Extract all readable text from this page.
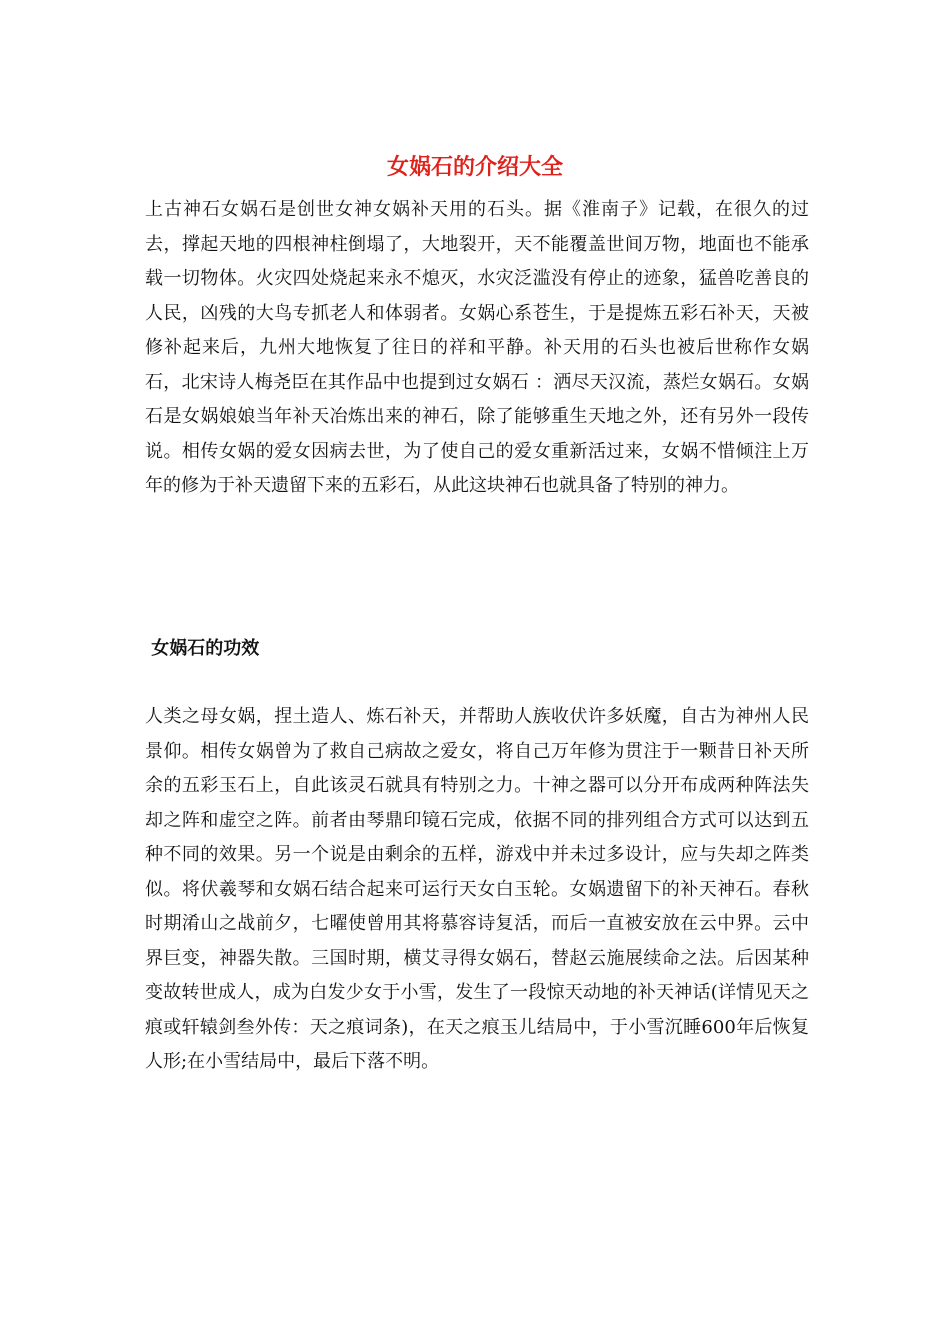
女娲石的介绍大全

上古神石女娲石是创世女神女娲补天用的石头。据《淮南子》记载，在很久的过去，撑起天地的四根神柱倒塌了，大地裂开，天不能覆盖世间万物，地面也不能承载一切物体。火灾四处烧起来永不熄灭，水灾泛滥没有停止的迹象，猛兽吃善良的人民，凶残的大鸟专抓老人和体弱者。女娲心系苍生，于是提炼五彩石补天，天被修补起来后，九州大地恢复了往日的祥和平静。补天用的石头也被后世称作女娲石，北宋诗人梅尧臣在其作品中也提到过女娲石 ：洒尽天汉流，蒸烂女娲石。女娲石是女娲娘娘当年补天冶炼出来的神石，除了能够重生天地之外，还有另外一段传说。相传女娲的爱女因病去世，为了使自己的爱女重新活过来，女娲不惜倾注上万年的修为于补天遗留下来的五彩石，从此这块神石也就具备了特别的神力。

女娲石的功效

人类之母女娲，捏土造人、炼石补天，并帮助人族收伏许多妖魔，自古为神州人民景仰。相传女娲曾为了救自己病故之爱女，将自己万年修为贯注于一颗昔日补天所余的五彩玉石上，自此该灵石就具有特别之力。十神之器可以分开布成两种阵法失却之阵和虚空之阵。前者由琴鼎印镜石完成，依据不同的排列组合方式可以达到五种不同的效果。另一个说是由剩余的五样，游戏中并未过多设计，应与失却之阵类似。将伏羲琴和女娲石结合起来可运行天女白玉轮。女娲遗留下的补天神石。春秋时期淆山之战前夕，七曜使曾用其将慕容诗复活，而后一直被安放在云中界。云中界巨变，神器失散。三国时期，横艾寻得女娲石，替赵云施展续命之法。后因某种变故转世成人，成为白发少女于小雪，发生了一段惊天动地的补天神话(详情见天之痕或轩辕剑叁外传：天之痕词条)，在天之痕玉儿结局中，于小雪沉睡600年后恢复人形;在小雪结局中，最后下落不明。
